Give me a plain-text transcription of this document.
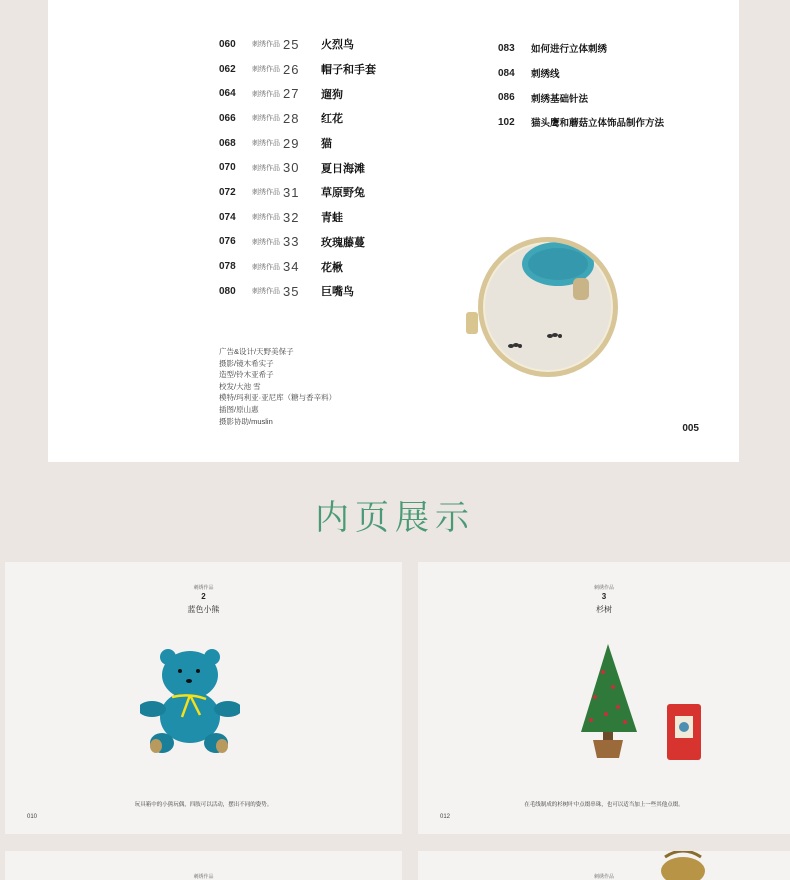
060	刺绣作品 25	火烈鸟
062	刺绣作品 26	帽子和手套
064	刺绣作品 27	遛狗
066	刺绣作品 28	红花
068	刺绣作品 29	猫
070	刺绣作品 30	夏日海滩
072	刺绣作品 31	草原野兔
074	刺绣作品 32	青蛙
076	刺绣作品 33	玫瑰藤蔓
078	刺绣作品 34	花楸
080	刺绣作品 35	巨嘴鸟
083	如何进行立体刺绣
084	刺绣线
086	刺绣基础针法
102	猫头鹰和蘑菇立体饰品制作方法
广告&设计/天野美保子
摄影/镜木希实子
造型/铃木亚希子
校发/大池 雪
模特/玛利亚·亚尼库（糖与香辛料）
插图/原山惠
摄影协助/muslin
005
内页展示
刺绣作品
2
蓝色小熊
玩具箱中的小熊玩偶，四肢可以活动，摆出不同的姿势。
010
刺绣作品
3
杉树
在毛线制成的杉树叶中点缀串珠，也可以适当加上一些其他点缀。
012
刺绣作品	刺绣作品
